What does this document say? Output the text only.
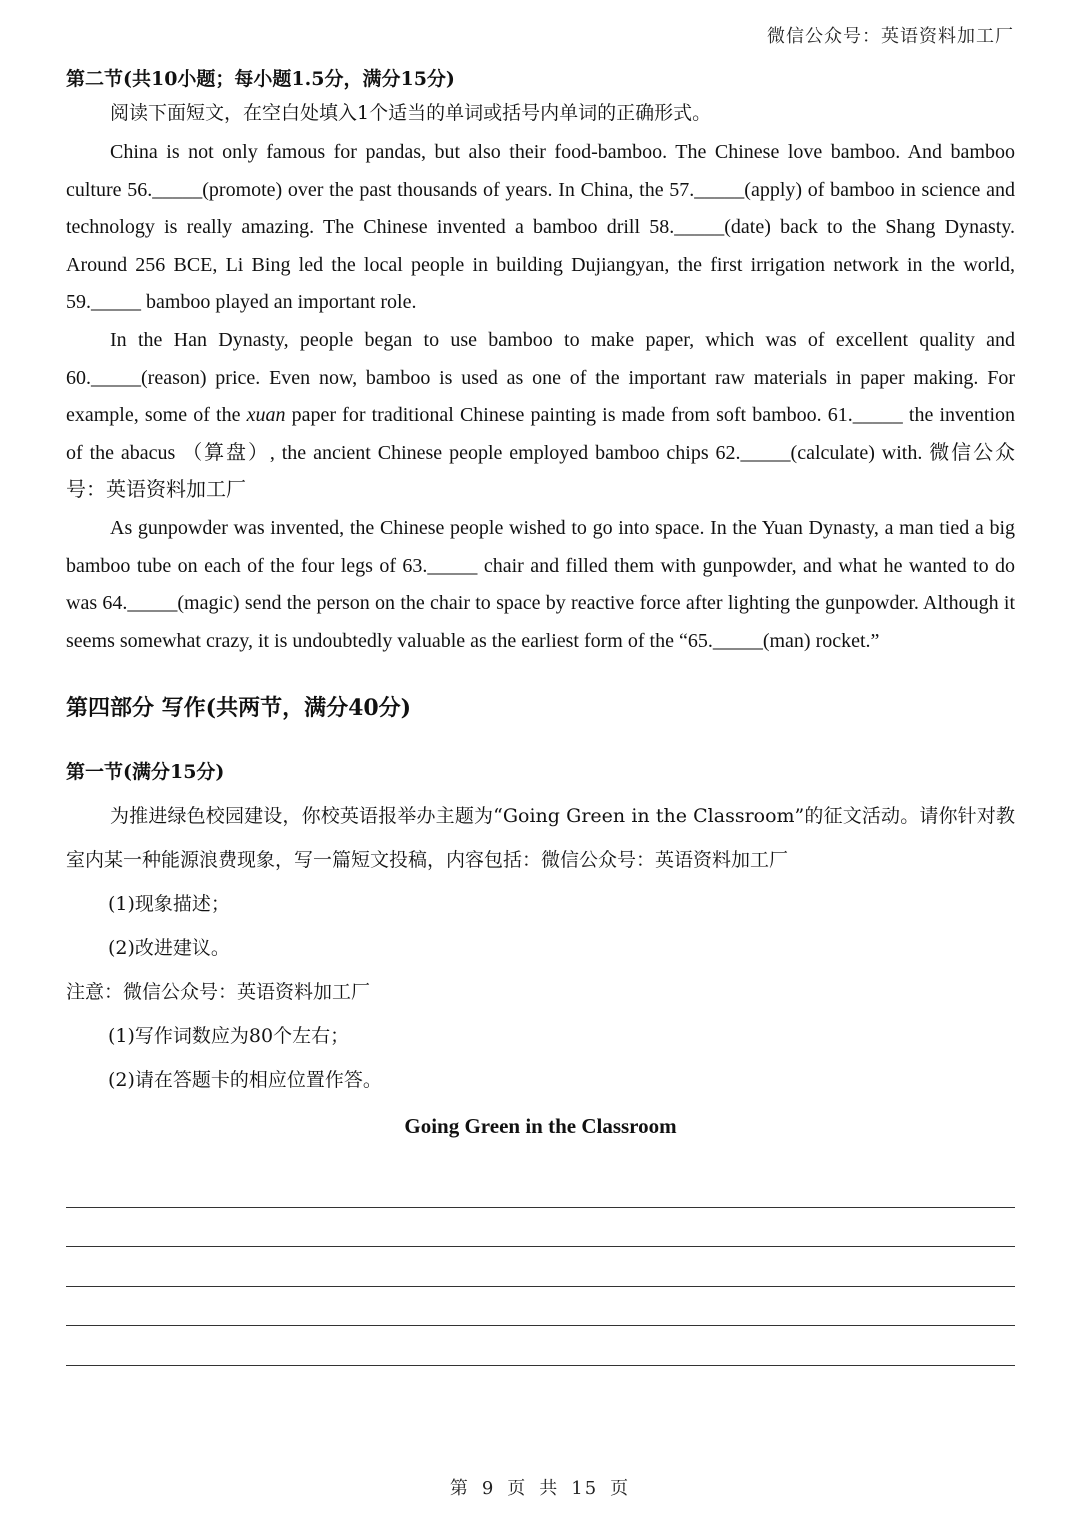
微信公众号：英语资料加工厂

第二节(共10小题；每小题1.5分，满分15分)

阅读下面短文，在空白处填入1个适当的单词或括号内单词的正确形式。

China is not only famous for pandas, but also their food-bamboo. The Chinese love bamboo. And bamboo culture 56._____(promote) over the past thousands of years. In China, the 57._____(apply) of bamboo in science and technology is really amazing. The Chinese invented a bamboo drill 58._____(date) back to the Shang Dynasty. Around 256 BCE, Li Bing led the local people in building Dujiangyan, the first irrigation network in the world, 59._____ bamboo played an important role.

In the Han Dynasty, people began to use bamboo to make paper, which was of excellent quality and 60._____(reason) price. Even now, bamboo is used as one of the important raw materials in paper making. For example, some of the xuan paper for traditional Chinese painting is made from soft bamboo. 61._____ the invention of the abacus （算盘）, the ancient Chinese people employed bamboo chips 62._____(calculate) with. 微信公众号：英语资料加工厂

As gunpowder was invented, the Chinese people wished to go into space. In the Yuan Dynasty, a man tied a big bamboo tube on each of the four legs of 63._____ chair and filled them with gunpowder, and what he wanted to do was 64._____(magic) send the person on the chair to space by reactive force after lighting the gunpowder. Although it seems somewhat crazy, it is undoubtedly valuable as the earliest form of the “65._____(man) rocket.”

第四部分 写作(共两节，满分40分)

第一节(满分15分)

为推进绿色校园建设，你校英语报举办主题为“Going Green in the Classroom”的征文活动。请你针对教室内某一种能源浪费现象，写一篇短文投稿，内容包括：微信公众号：英语资料加工厂

(1)现象描述；

(2)改进建议。

注意：微信公众号：英语资料加工厂

(1)写作词数应为80个左右；

(2)请在答题卡的相应位置作答。

Going Green in the Classroom

第 9 页 共 15 页
